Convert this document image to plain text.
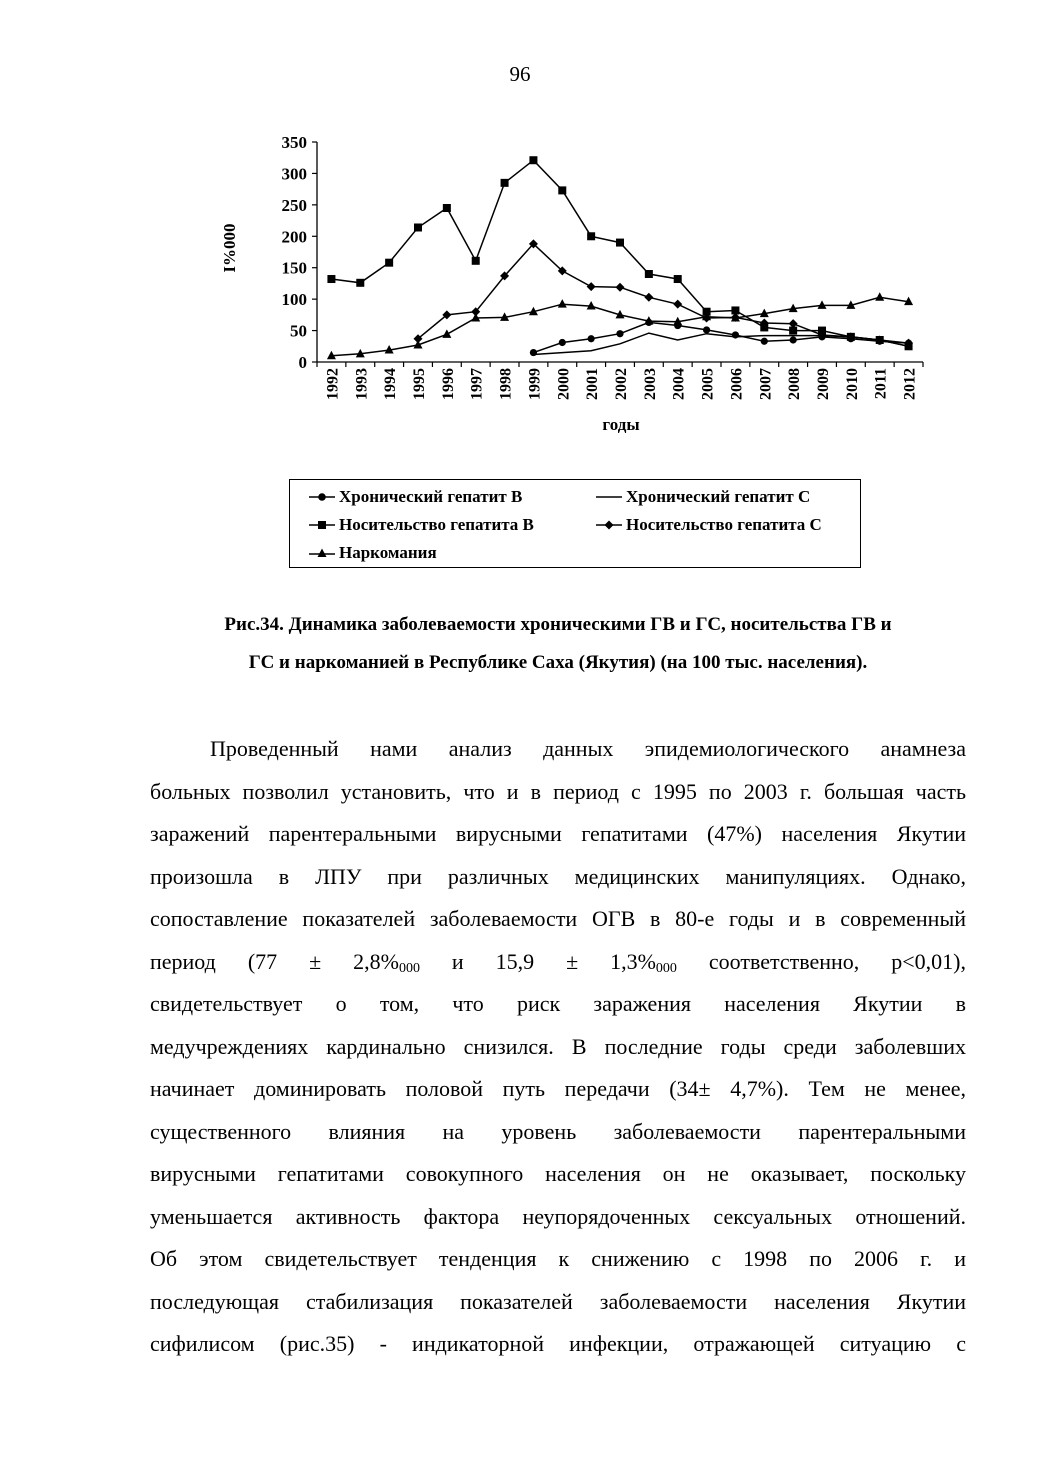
96
0
50
100
150
200
250
300
350
1992 1993 1994 1995 1996 1997 1998 1999 2000 2001 2002 2003 2004 2005 2006 2007 2008 2009 2010 2011 2012
I%000
годы
Хронический гепатит В	Хронический гепатит С
Носительство гепатита В	Носительство гепатита С
Наркомания
Рис.34. Динамика заболеваемости хроническими ГВ и ГС, носительства ГВ и
ГС и наркоманией в Республике Саха (Якутия) (на 100 тыс. населения).
Проведенный нами анализ данных эпидемиологического анамнеза
больных позволил установить, что и в период с 1995 по 2003 г. большая часть
заражений парентеральными вирусными гепатитами (47%) населения Якутии
произошла в ЛПУ при различных медицинских манипуляциях. Однако,
сопоставление показателей заболеваемости ОГВ в 80-е годы и в современный
период (77 ± 2,8%000 и 15,9 ± 1,3%000 соответственно, p<0,01),
свидетельствует о том, что риск заражения населения Якутии в
медучреждениях кардинально снизился. В последние годы среди заболевших
начинает доминировать половой путь передачи (34± 4,7%). Тем не менее,
существенного влияния на уровень заболеваемости парентеральными
вирусными гепатитами совокупного населения он не оказывает, поскольку
уменьшается активность фактора неупорядоченных сексуальных отношений.
Об этом свидетельствует тенденция к снижению с 1998 по 2006 г. и
последующая стабилизация показателей заболеваемости населения Якутии
сифилисом (рис.35) - индикаторной инфекции, отражающей ситуацию с
